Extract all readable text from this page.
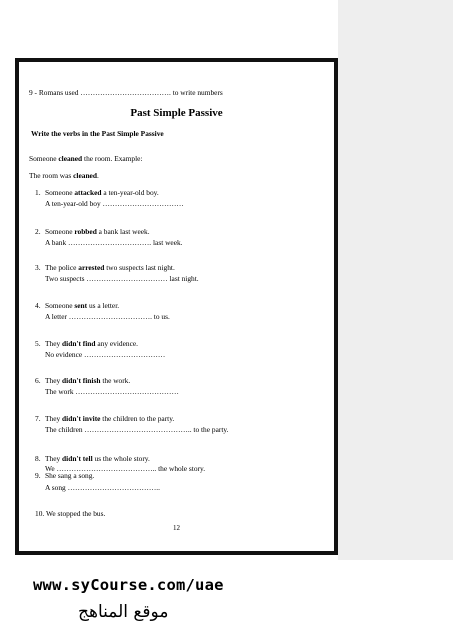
9 - Romans used ………………………………. to write numbers
Past Simple Passive
Write the verbs in the Past Simple Passive
Someone cleaned the room. Example:
The room was cleaned.
1. Someone attacked a ten-year-old boy.
A ten-year-old boy ……………………………
2. Someone robbed a bank last week.
A bank ……………………………. last week.
3. The police arrested two suspects last night.
Two suspects …………………………… last night.
4. Someone sent us a letter.
A letter ……………………………. to us.
5. They didn't find any evidence.
No evidence ……………………………
6. They didn't finish the work.
The work ……………………………………
7. They didn't invite the children to the party.
The children …………………………………….. to the party.
8. They didn't tell us the whole story.
We ………………………………….. the whole story.
9. She sang a song.
A song ………………………………..
10. We stopped the bus.
12
www.syCourse.com/uae
موقع المناهج
